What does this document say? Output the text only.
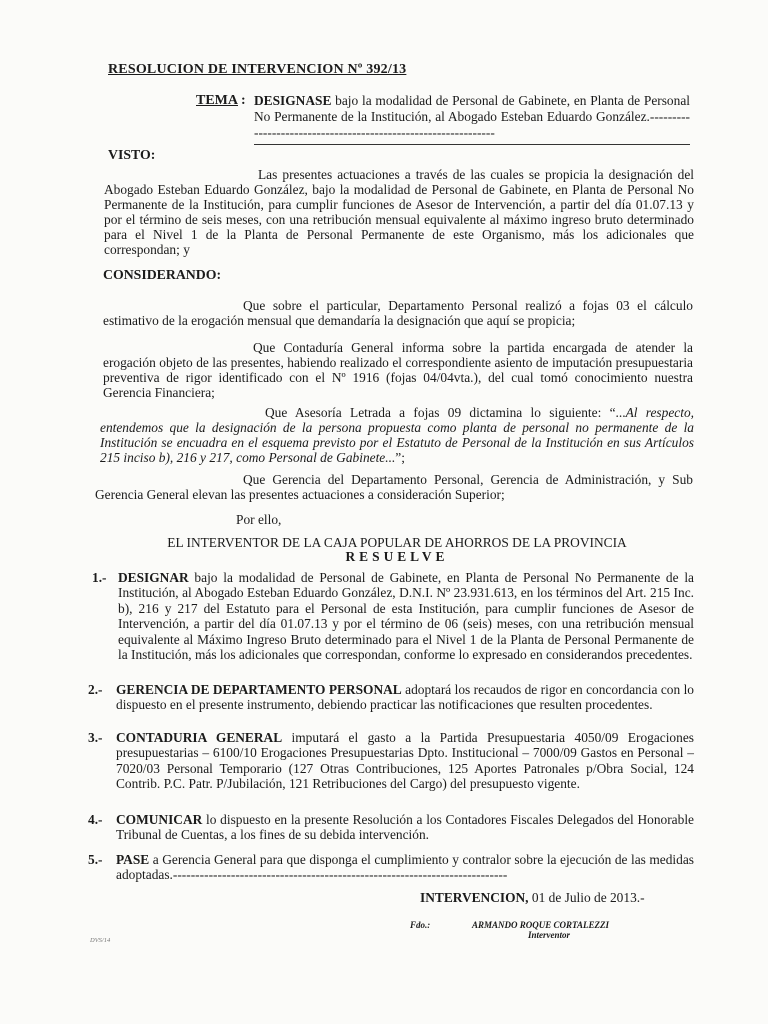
RESOLUCION DE INTERVENCION Nº 392/13
TEMA : DESIGNASE bajo la modalidad de Personal de Gabinete, en Planta de Personal No Permanente de la Institución, al Abogado Esteban Eduardo González.---------------------------------------------------------------
VISTO:
Las presentes actuaciones a través de las cuales se propicia la designación del Abogado Esteban Eduardo González, bajo la modalidad de Personal de Gabinete, en Planta de Personal No Permanente de la Institución, para cumplir funciones de Asesor de Intervención, a partir del día 01.07.13 y por el término de seis meses, con una retribución mensual equivalente al máximo ingreso bruto determinado para el Nivel 1 de la Planta de Personal Permanente de este Organismo, más los adicionales que correspondan; y
CONSIDERANDO:
Que sobre el particular, Departamento Personal realizó a fojas 03 el cálculo estimativo de la erogación mensual que demandaría la designación que aquí se propicia;
Que Contaduría General informa sobre la partida encargada de atender la erogación objeto de las presentes, habiendo realizado el correspondiente asiento de imputación presupuestaria preventiva de rigor identificado con el Nº 1916 (fojas 04/04vta.), del cual tomó conocimiento nuestra Gerencia Financiera;
Que Asesoría Letrada a fojas 09 dictamina lo siguiente: “...Al respecto, entendemos que la designación de la persona propuesta como planta de personal no permanente de la Institución se encuadra en el esquema previsto por el Estatuto de Personal de la Institución en sus Artículos 215 inciso b), 216 y 217, como Personal de Gabinete...”;
Que Gerencia del Departamento Personal, Gerencia de Administración, y Sub Gerencia General elevan las presentes actuaciones a consideración Superior;
Por ello,
EL INTERVENTOR DE LA CAJA POPULAR DE AHORROS DE LA PROVINCIA
RESUELVE
1.- DESIGNAR bajo la modalidad de Personal de Gabinete, en Planta de Personal No Permanente de la Institución, al Abogado Esteban Eduardo González, D.N.I. Nº 23.931.613, en los términos del Art. 215 Inc. b), 216 y 217 del Estatuto para el Personal de esta Institución, para cumplir funciones de Asesor de Intervención, a partir del día 01.07.13 y por el término de 06 (seis) meses, con una retribución mensual equivalente al Máximo Ingreso Bruto determinado para el Nivel 1 de la Planta de Personal Permanente de la Institución, más los adicionales que correspondan, conforme lo expresado en considerandos precedentes.
2.- GERENCIA DE DEPARTAMENTO PERSONAL adoptará los recaudos de rigor en concordancia con lo dispuesto en el presente instrumento, debiendo practicar las notificaciones que resulten procedentes.
3.- CONTADURIA GENERAL imputará el gasto a la Partida Presupuestaria 4050/09 Erogaciones presupuestarias – 6100/10 Erogaciones Presupuestarias Dpto. Institucional – 7000/09 Gastos en Personal – 7020/03 Personal Temporario (127 Otras Contribuciones, 125 Aportes Patronales p/Obra Social, 124 Contrib. P.C. Patr. P/Jubilación, 121 Retribuciones del Cargo) del presupuesto vigente.
4.- COMUNICAR lo dispuesto en la presente Resolución a los Contadores Fiscales Delegados del Honorable Tribunal de Cuentas, a los fines de su debida intervención.
5.- PASE a Gerencia General para que disponga el cumplimiento y contralor sobre la ejecución de las medidas adoptadas.---------------------------------------------------------------------------
INTERVENCION, 01 de Julio de 2013.-
Fdo.:	ARMANDO ROQUE CORTALEZZI
Interventor
DVS/14
